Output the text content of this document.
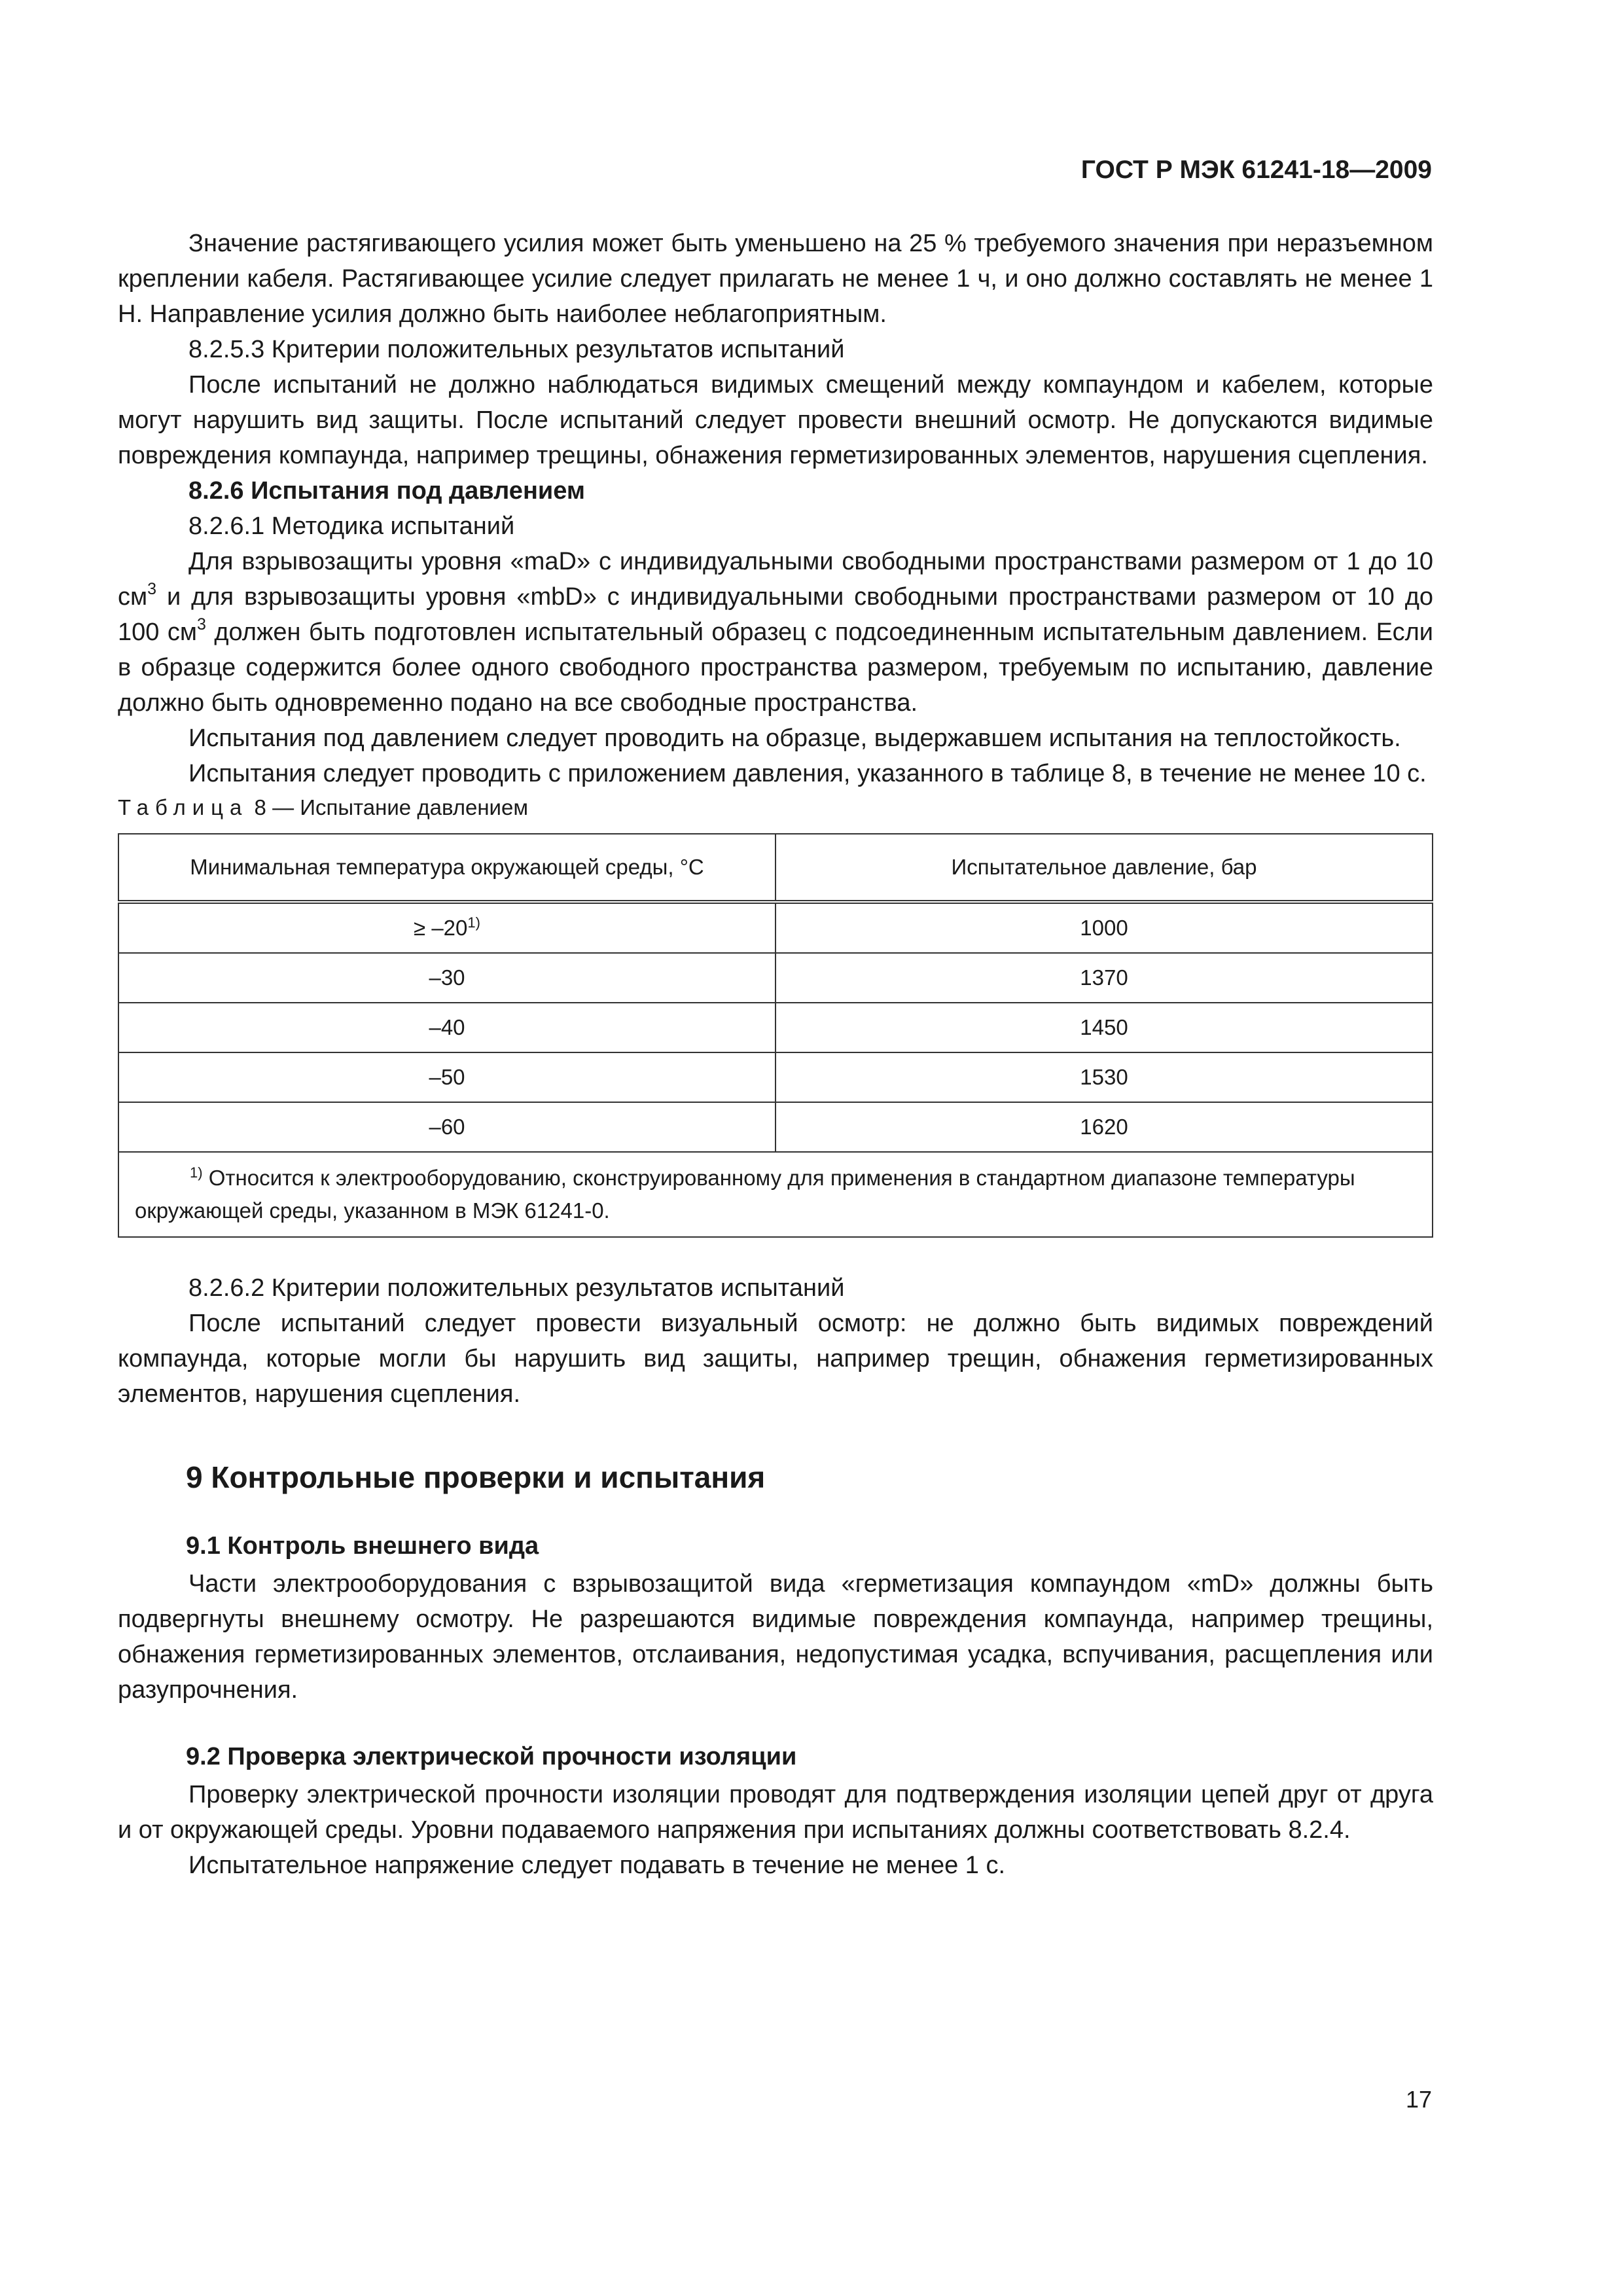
ГОСТ Р МЭК 61241-18—2009

Значение растягивающего усилия может быть уменьшено на 25 % требуемого значения при неразъемном креплении кабеля. Растягивающее усилие следует прилагать не менее 1 ч, и оно должно составлять не менее 1 Н. Направление усилия должно быть наиболее неблагоприятным.

8.2.5.3 Критерии положительных результатов испытаний

После испытаний не должно наблюдаться видимых смещений между компаундом и кабелем, которые могут нарушить вид защиты. После испытаний следует провести внешний осмотр. Не допускаются видимые повреждения компаунда, например трещины, обнажения герметизированных элементов, нарушения сцепления.

8.2.6 Испытания под давлением

8.2.6.1 Методика испытаний

Для взрывозащиты уровня «maD» с индивидуальными свободными пространствами размером от 1 до 10 $см^3$ и для взрывозащиты уровня «mbD» с индивидуальными свободными пространствами размером от 10 до 100 $см^3$ должен быть подготовлен испытательный образец с подсоединенным испытательным давлением. Если в образце содержится более одного свободного пространства размером, требуемым по испытанию, давление должно быть одновременно подано на все свободные пространства.

Испытания под давлением следует проводить на образце, выдержавшем испытания на теплостойкость.

Испытания следует проводить с приложением давления, указанного в таблице 8, в течение не менее 10 с.

Таблица 8 — Испытание давлением

Минимальная температура окружающей среды, °C	Испытательное давление, бар
≥ $-20^{1)}$	1000
–30	1370
–40	1450
–50	1530
–60	1620
$^{1)}$ Относится к электрооборудованию, сконструированному для применения в стандартном диапазоне температуры окружающей среды, указанном в МЭК 61241-0.	

8.2.6.2 Критерии положительных результатов испытаний

После испытаний следует провести визуальный осмотр: не должно быть видимых повреждений компаунда, которые могли бы нарушить вид защиты, например трещин, обнажения герметизированных элементов, нарушения сцепления.

9 Контрольные проверки и испытания
9.1 Контроль внешнего вида

Части электрооборудования с взрывозащитой вида «герметизация компаундом «mD» должны быть подвергнуты внешнему осмотру. Не разрешаются видимые повреждения компаунда, например трещины, обнажения герметизированных элементов, отслаивания, недопустимая усадка, вспучивания, расщепления или разупрочнения.

9.2 Проверка электрической прочности изоляции

Проверку электрической прочности изоляции проводят для подтверждения изоляции цепей друг от друга и от окружающей среды. Уровни подаваемого напряжения при испытаниях должны соответствовать 8.2.4.

Испытательное напряжение следует подавать в течение не менее 1 с.

17
